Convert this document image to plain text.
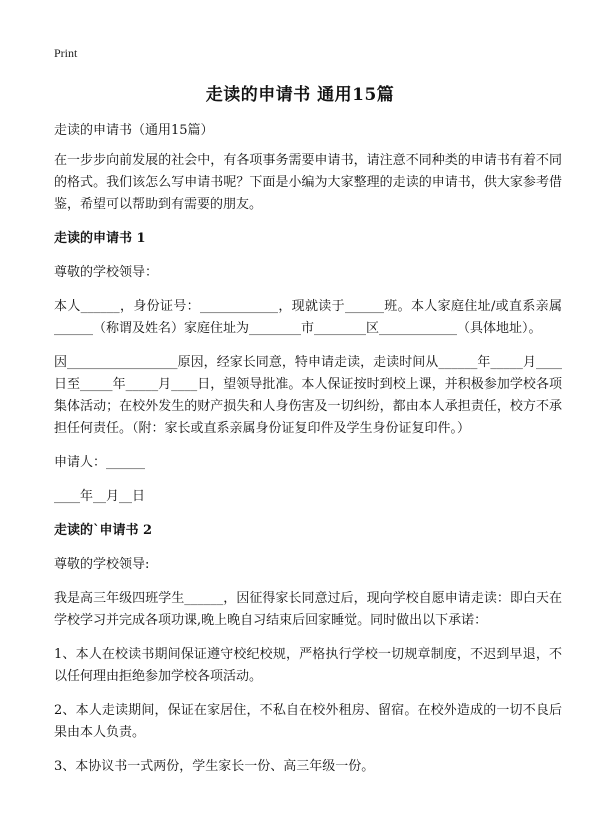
Print
走读的申请书 通用15篇

走读的申请书（通用15篇）

在一步步向前发展的社会中，有各项事务需要申请书，请注意不同种类的申请书有着不同的格式。我们该怎么写申请书呢？下面是小编为大家整理的走读的申请书，供大家参考借鉴，希望可以帮助到有需要的朋友。

走读的申请书 1

尊敬的学校领导：

本人______，身份证号：____________，现就读于______班。本人家庭住址/或直系亲属______（称谓及姓名）家庭住址为________市________区____________（具体地址）。

因_________________原因，经家长同意，特申请走读，走读时间从______年_____月____日至_____年_____月____日，望领导批准。本人保证按时到校上课，并积极参加学校各项集体活动；在校外发生的财产损失和人身伤害及一切纠纷，都由本人承担责任，校方不承担任何责任。（附：家长或直系亲属身份证复印件及学生身份证复印件。）

申请人：______

____年__月__日

走读的`申请书 2

尊敬的学校领导:

我是高三年级四班学生______，因征得家长同意过后，现向学校自愿申请走读：即白天在学校学习并完成各项功课,晚上晚自习结束后回家睡觉。同时做出以下承诺：

1、本人在校读书期间保证遵守校纪校规，严格执行学校一切规章制度，不迟到早退，不以任何理由拒绝参加学校各项活动。

2、本人走读期间，保证在家居住，不私自在校外租房、留宿。在校外造成的一切不良后果由本人负责。

3、本协议书一式两份，学生家长一份、高三年级一份。
